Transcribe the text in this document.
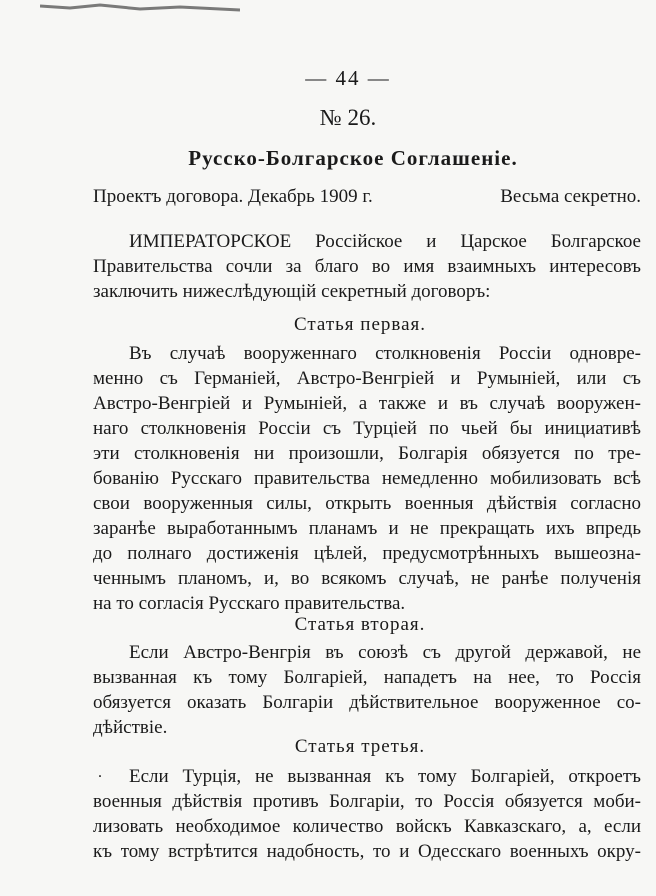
— 44 —
№ 26.
Русско-Болгарское Соглашеніе.
Проектъ договора. Декабрь 1909 г.	Весьма секретно.
ИМПЕРАТОРСКОЕ Россійское и Царское Болгарское
Правительства сочли за благо во имя взаимныхъ интересовъ
заключить нижеслѣдующій секретный договоръ:
Статья первая.
Въ случаѣ вооруженнаго столкновенія Россіи одновре-
менно съ Германіей, Австро-Венгріей и Румыніей, или съ
Австро-Венгріей и Румыніей, а также и въ случаѣ вооружен-
наго столкновенія Россіи съ Турціей по чьей бы инициативѣ
эти столкновенія ни произошли, Болгарія обязуется по тре-
бованію Русскаго правительства немедленно мобилизовать всѣ
свои вооруженныя силы, открыть военныя дѣйствія согласно
заранѣе выработаннымъ планамъ и не прекращать ихъ впредь
до полнаго достиженія цѣлей, предусмотрѣнныхъ вышеозна-
ченнымъ планомъ, и, во всякомъ случаѣ, не ранѣе полученія
на то согласія Русскаго правительства.
Статья вторая.
Если Австро-Венгрія въ союзѣ съ другой державой, не
вызванная къ тому Болгаріей, нападетъ на нее, то Россія
обязуется оказать Болгаріи дѣйствительное вооруженное со-
дѣйствіе.
Статья третья.
.	Если Турція, не вызванная къ тому Болгаріей, откроетъ
военныя дѣйствія противъ Болгаріи, то Россія обязуется моби-
лизовать необходимое количество войскъ Кавказскаго, а, если
къ тому встрѣтится надобность, то и Одесскаго военныхъ окру-
